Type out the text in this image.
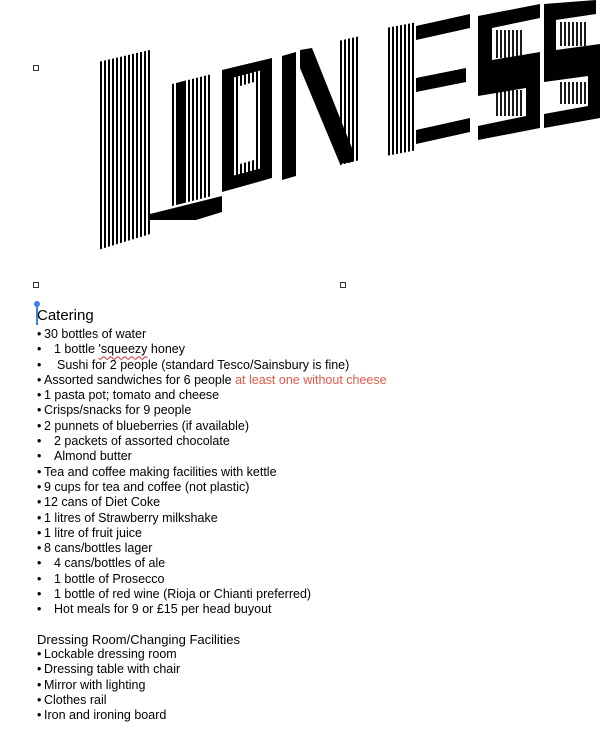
Catering
• 30 bottles of water
• 1 bottle 'squeezy honey
• Sushi for 2 people (standard Tesco/Sainsbury is fine)
• Assorted sandwiches for 6 people at least one without cheese
• 1 pasta pot; tomato and cheese
• Crisps/snacks for 9 people
• 2 punnets of blueberries (if available)
• 2 packets of assorted chocolate
• Almond butter
• Tea and coffee making facilities with kettle
• 9 cups for tea and coffee (not plastic)
• 12 cans of Diet Coke
• 1 litres of Strawberry milkshake
• 1 litre of fruit juice
• 8 cans/bottles lager
• 4 cans/bottles of ale
• 1 bottle of Prosecco
• 1 bottle of red wine (Rioja or Chianti preferred)
• Hot meals for 9 or £15 per head buyout
Dressing Room/Changing Facilities
• Lockable dressing room
• Dressing table with chair
• Mirror with lighting
• Clothes rail
• Iron and ironing board
